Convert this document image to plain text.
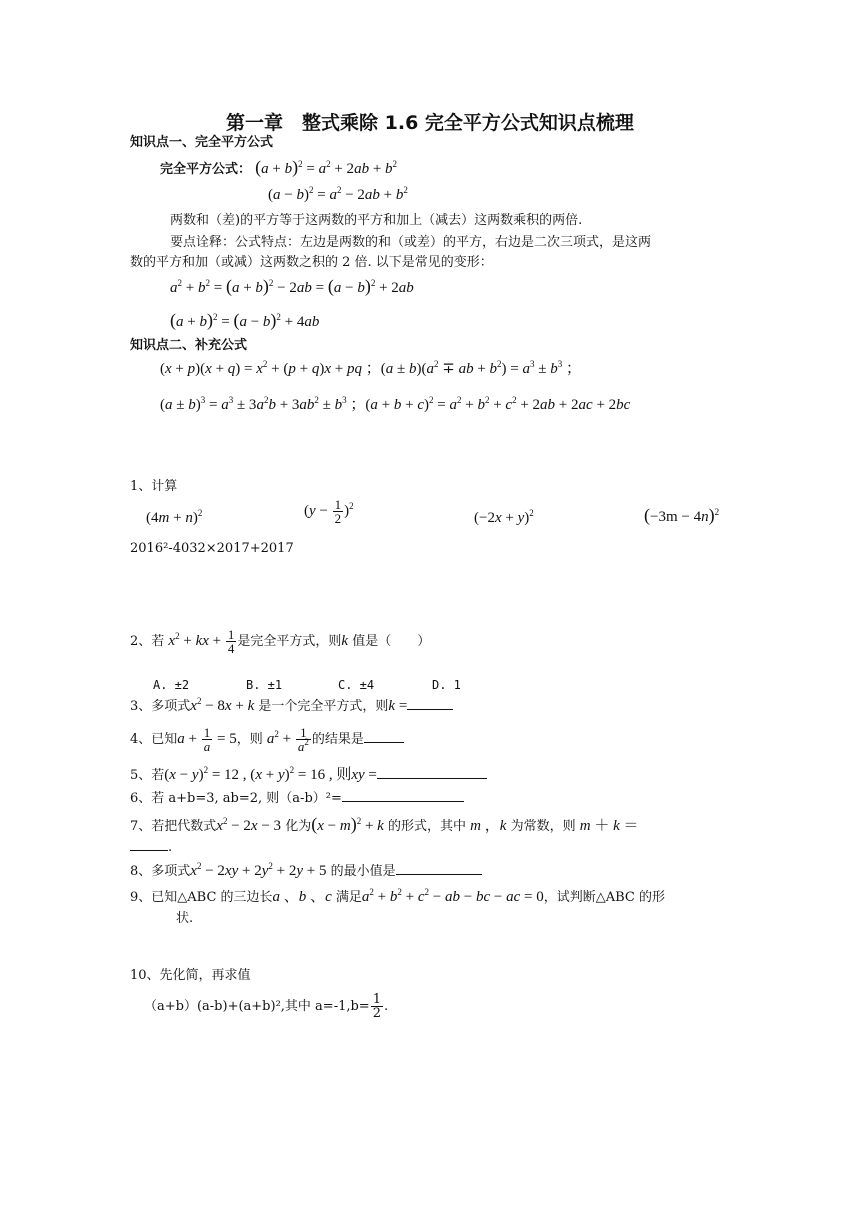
第一章　整式乘除 1.6 完全平方公式知识点梳理
知识点一、完全平方公式
完全平方公式： $(a + b)^2 = a^2 + 2ab + b^2$
$(a - b)^2 = a^2 - 2ab + b^2$
两数和（差)的平方等于这两数的平方和加上（减去）这两数乘积的两倍.
要点诠释：公式特点：左边是两数的和（或差）的平方，右边是二次三项式，是这两
数的平方和加（或减）这两数之积的 2 倍. 以下是常见的变形：
$a^2 + b^2 = (a + b)^2 - 2ab = (a - b)^2 + 2ab$
$(a + b)^2 = (a - b)^2 + 4ab$
知识点二、补充公式
$(x + p)(x + q) = x^2 + (p + q)x$ + pq ；$(a \pm b)(a^2$ ∓ ab + $b^2) = a^3 \pm b^3$ ；
$(a \pm b)^3 = a^3 \pm 3a^2b + 3ab^2 \pm b^3$ ；$(a + b + c)^2 = a^2 + b^2 + c^2 + 2ab + 2ac + 2bc$
1、计算
$(4m + n)^2$	$(y - \frac{1}{2} )^2$
$(-2x + y)^2$	$(-3m - 4n)^2$
2016²-4032×2017+2017
2、若 $x^2$ + kx + $\frac{1}{4}$ 是完全平方式，则k 值是（　　）
A. ±2	B. ±1	C. ±4	D. 1
3、多项式$x^2 - 8x + k$ 是一个完全平方式，则k =
4、已知$a + \frac{1}{a} = 5$，则 $a^2 + \frac{1}{a^2}$ 的结果是
5、若$(x - y)^2 = 12$ , $(x + y)^2 = 16$ , 则xy =
6、若 a+b=3, ab=2, 则（a-b）²=
7、若把代数式$x^2 - 2x - 3$ 化为$(x - m)^2 + k$ 的形式，其中 m ，k 为常数，则 m ＋ k ＝
.
8、多项式$x^2 - 2xy + 2y^2 + 2y + 5$ 的最小值是
9、已知△ABC 的三边长a 、b 、c 满足$a^2 + b^2 + c^2$ − ab − bc − ac = 0，试判断△ABC 的形
状.
10、先化简，再求值
（a+b）(a-b)+(a+b)²,其中 $a=-1,b= \frac{1}{2}$ .
